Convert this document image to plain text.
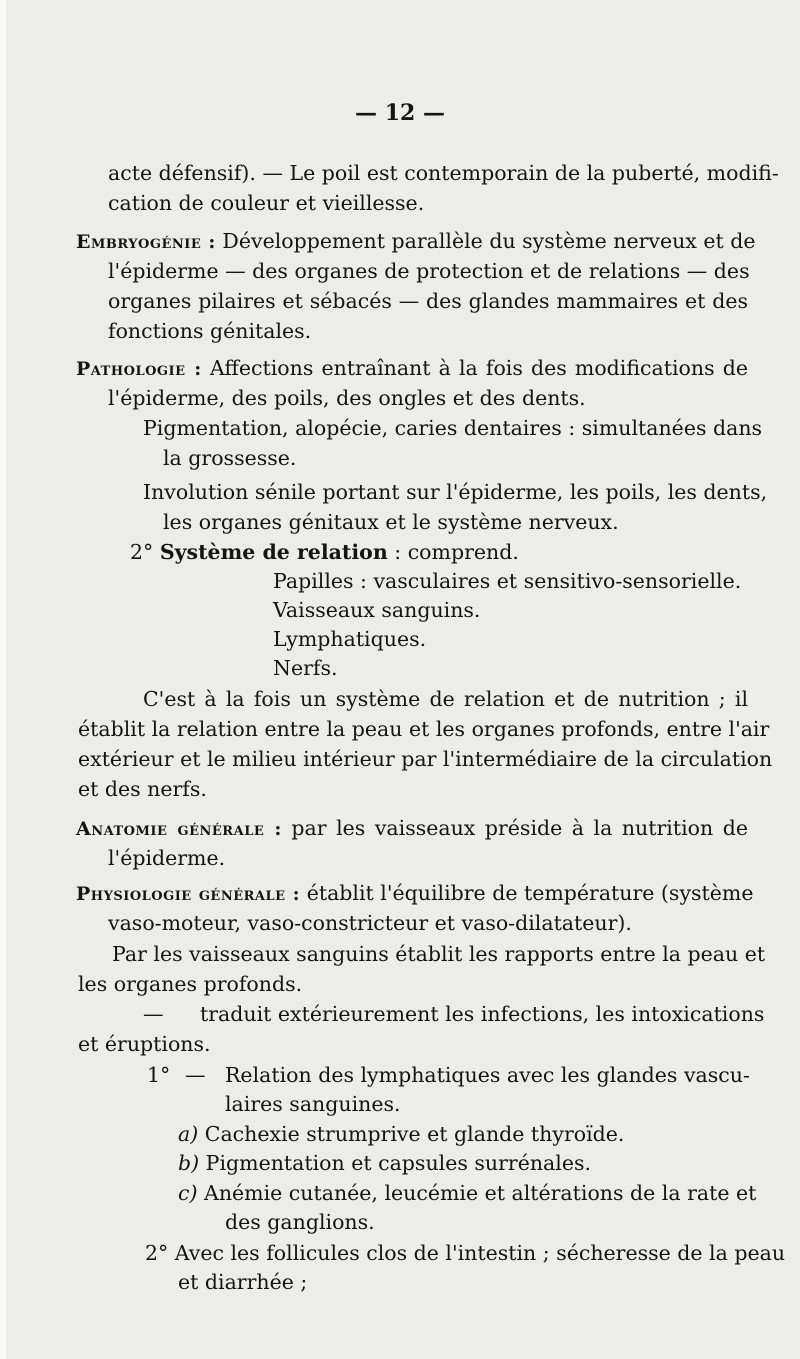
— 12 —
acte défensif). — Le poil est contemporain de la puberté, modifi-
cation de couleur et vieillesse.
Embryogénie : Développement parallèle du système nerveux et de
l'épiderme — des organes de protection et de relations — des
organes pilaires et sébacés — des glandes mammaires et des
fonctions génitales.
Pathologie : Affections entraînant à la fois des modifications de
l'épiderme, des poils, des ongles et des dents.
Pigmentation, alopécie, caries dentaires : simultanées dans
la grossesse.
Involution sénile portant sur l'épiderme, les poils, les dents,
les organes génitaux et le système nerveux.
2° Système de relation : comprend.
Papilles : vasculaires et sensitivo-sensorielle.
Vaisseaux sanguins.
Lymphatiques.
Nerfs.
C'est à la fois un système de relation et de nutrition ; il
établit la relation entre la peau et les organes profonds, entre l'air
extérieur et le milieu intérieur par l'intermédiaire de la circulation
et des nerfs.
Anatomie générale : par les vaisseaux préside à la nutrition de
l'épiderme.
Physiologie générale : établit l'équilibre de température (système
vaso-moteur, vaso-constricteur et vaso-dilatateur).
Par les vaisseaux sanguins établit les rapports entre la peau et
les organes profonds.
— traduit extérieurement les infections, les intoxications
et éruptions.
1° — Relation des lymphatiques avec les glandes vascu-
laires sanguines.
a) Cachexie strumprive et glande thyroïde.
b) Pigmentation et capsules surrénales.
c) Anémie cutanée, leucémie et altérations de la rate et
des ganglions.
2° Avec les follicules clos de l'intestin ; sécheresse de la peau
et diarrhée ;
